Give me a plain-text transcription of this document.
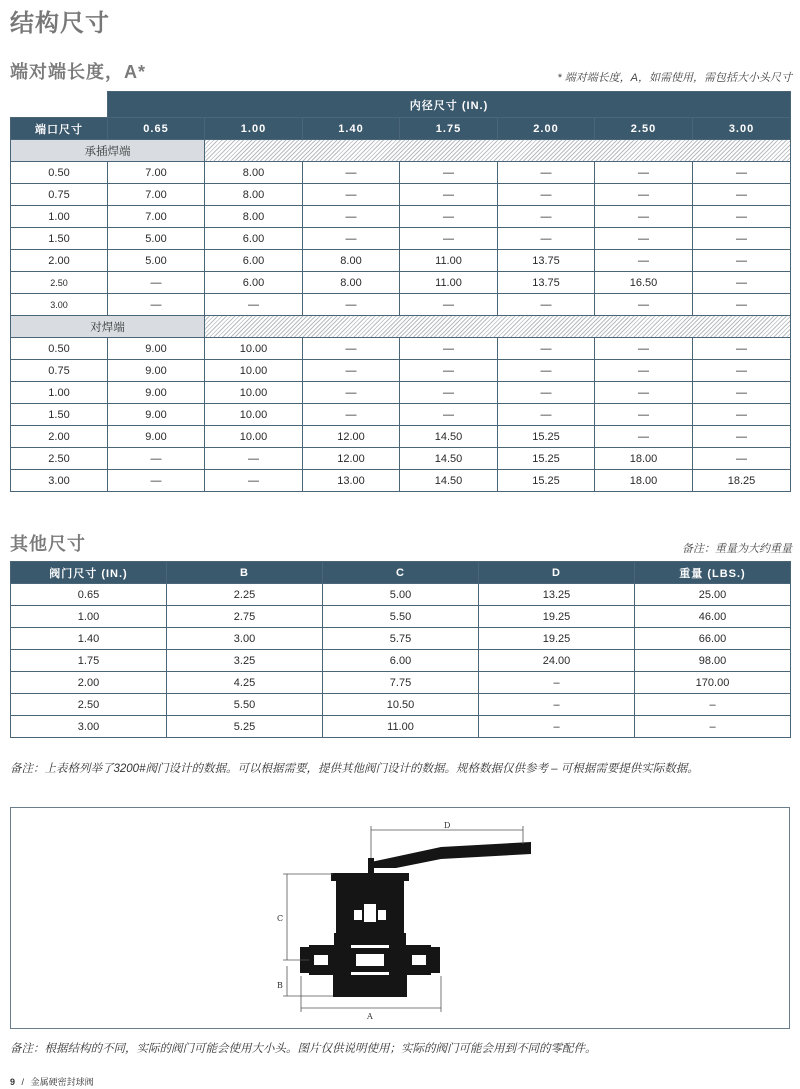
结构尺寸
端对端长度，A*	* 端对端长度，A，如需使用，需包括大小头尺寸
	内径尺寸 (IN.)						
端口尺寸	0.65	1.00	1.40	1.75	2.00	2.50	3.00
承插焊端							
0.50	7.00	8.00	—	—	—	—	—
0.75	7.00	8.00	—	—	—	—	—
1.00	7.00	8.00	—	—	—	—	—
1.50	5.00	6.00	—	—	—	—	—
2.00	5.00	6.00	8.00	11.00	13.75	—	—
2.50	—	6.00	8.00	11.00	13.75	16.50	—
3.00	—	—	—	—	—	—	—
对焊端							
0.50	9.00	10.00	—	—	—	—	—
0.75	9.00	10.00	—	—	—	—	—
1.00	9.00	10.00	—	—	—	—	—
1.50	9.00	10.00	—	—	—	—	—
2.00	9.00	10.00	12.00	14.50	15.25	—	—
2.50	—	—	12.00	14.50	15.25	18.00	—
3.00	—	—	13.00	14.50	15.25	18.00	18.25
其他尺寸	备注：重量为大约重量
阀门尺寸 (IN.)	B	C	D	重量 (LBS.)
0.65	2.25	5.00	13.25	25.00
1.00	2.75	5.50	19.25	46.00
1.40	3.00	5.75	19.25	66.00
1.75	3.25	6.00	24.00	98.00
2.00	4.25	7.75	–	170.00
2.50	5.50	10.50	–	–
3.00	5.25	11.00	–	–
备注：上表格列举了3200#阀门设计的数据。可以根据需要，提供其他阀门设计的数据。规格数据仅供参考 – 可根据需要提供实际数据。
D
C
B
A
备注：根据结构的不同，实际的阀门可能会使用大小头。图片仅供说明使用；实际的阀门可能会用到不同的零配件。
9 / 金属硬密封球阀
